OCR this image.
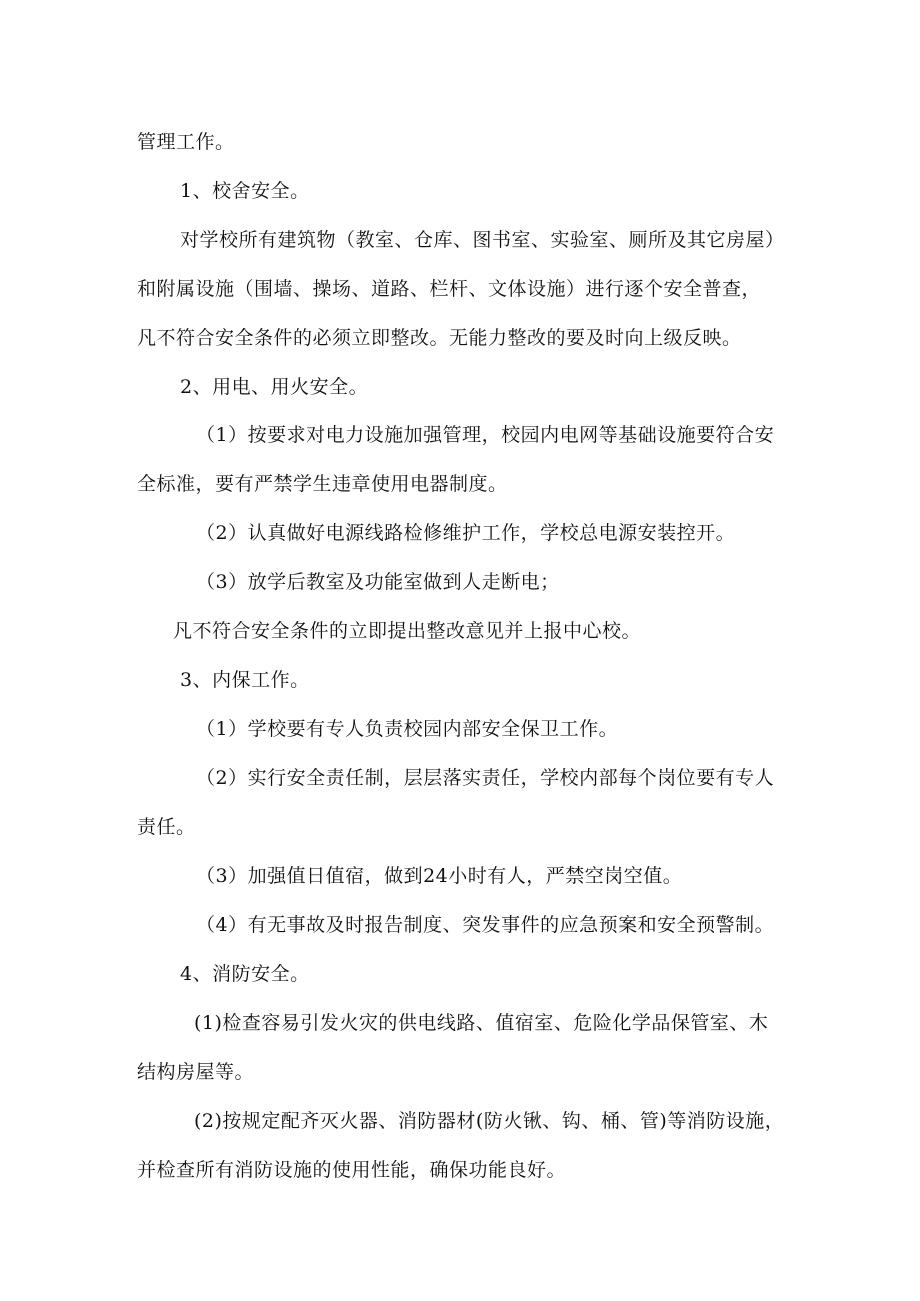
管理工作。
1、校舍安全。
对学校所有建筑物（教室、仓库、图书室、实验室、厕所及其它房屋）
和附属设施（围墙、操场、道路、栏杆、文体设施）进行逐个安全普查，
凡不符合安全条件的必须立即整改。无能力整改的要及时向上级反映。
2、用电、用火安全。
（1）按要求对电力设施加强管理，校园内电网等基础设施要符合安
全标准，要有严禁学生违章使用电器制度。
（2）认真做好电源线路检修维护工作，学校总电源安装控开。
（3）放学后教室及功能室做到人走断电；
凡不符合安全条件的立即提出整改意见并上报中心校。
3、内保工作。
（1）学校要有专人负责校园内部安全保卫工作。
（2）实行安全责任制，层层落实责任，学校内部每个岗位要有专人
责任。
（3）加强值日值宿，做到24小时有人，严禁空岗空值。
（4）有无事故及时报告制度、突发事件的应急预案和安全预警制。
4、消防安全。
(1)检查容易引发火灾的供电线路、值宿室、危险化学品保管室、木
结构房屋等。
(2)按规定配齐灭火器、消防器材(防火锹、钩、桶、管)等消防设施，
并检查所有消防设施的使用性能，确保功能良好。
